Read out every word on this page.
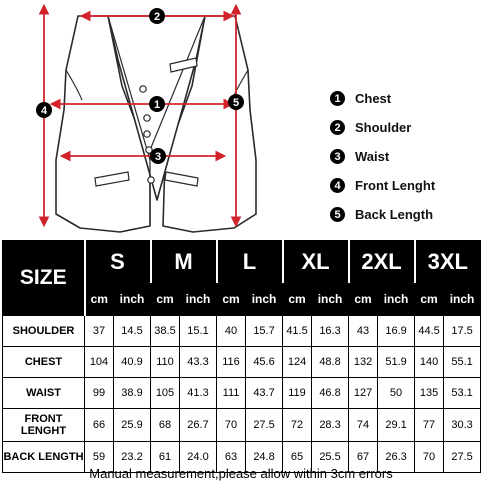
2
1
3
4
5	1	Chest
2	Shoulder
3	Waist
4	Front Lenght
5	Back Length
SIZE	S		M		L		XL		2XL		3XL	
	cm	inch	cm	inch	cm	inch	cm	inch	cm	inch	cm	inch
SHOULDER	37	14.5	38.5	15.1	40	15.7	41.5	16.3	43	16.9	44.5	17.5
CHEST	104	40.9	110	43.3	116	45.6	124	48.8	132	51.9	140	55.1
WAIST	99	38.9	105	41.3	111	43.7	119	46.8	127	50	135	53.1
FRONT LENGHT	66	25.9	68	26.7	70	27.5	72	28.3	74	29.1	77	30.3
BACK LENGTH	59	23.2	61	24.0	63	24.8	65	25.5	67	26.3	70	27.5
Manual measurement,please allow within 3cm errors
